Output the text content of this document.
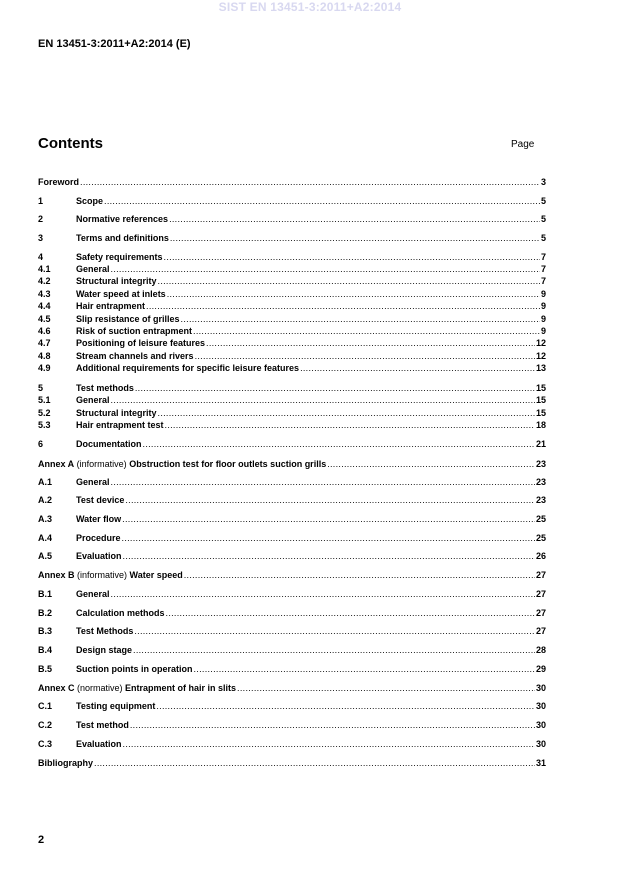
SIST EN 13451-3:2011+A2:2014
EN 13451-3:2011+A2:2014 (E)
Contents	Page
Foreword .....	3
1	Scope .....	5
2	Normative references .....	5
3	Terms and definitions .....	5
4	Safety requirements .....	7
4.1	General .....	7
4.2	Structural integrity .....	7
4.3	Water speed at inlets .....	9
4.4	Hair entrapment .....	9
4.5	Slip resistance of grilles .....	9
4.6	Risk of suction entrapment .....	9
4.7	Positioning of leisure features .....	12
4.8	Stream channels and rivers .....	12
4.9	Additional requirements for specific leisure features .....	13
5	Test methods .....	15
5.1	General .....	15
5.2	Structural integrity .....	15
5.3	Hair entrapment test .....	18
6	Documentation .....	21
Annex A (informative) Obstruction test for floor outlets suction grills .....	23
A.1	General .....	23
A.2	Test device .....	23
A.3	Water flow .....	25
A.4	Procedure .....	25
A.5	Evaluation .....	26
Annex B (informative) Water speed .....	27
B.1	General .....	27
B.2	Calculation methods .....	27
B.3	Test Methods .....	27
B.4	Design stage .....	28
B.5	Suction points in operation .....	29
Annex C (normative) Entrapment of hair in slits .....	30
C.1	Testing equipment .....	30
C.2	Test method .....	30
C.3	Evaluation .....	30
Bibliography .....	31
2
